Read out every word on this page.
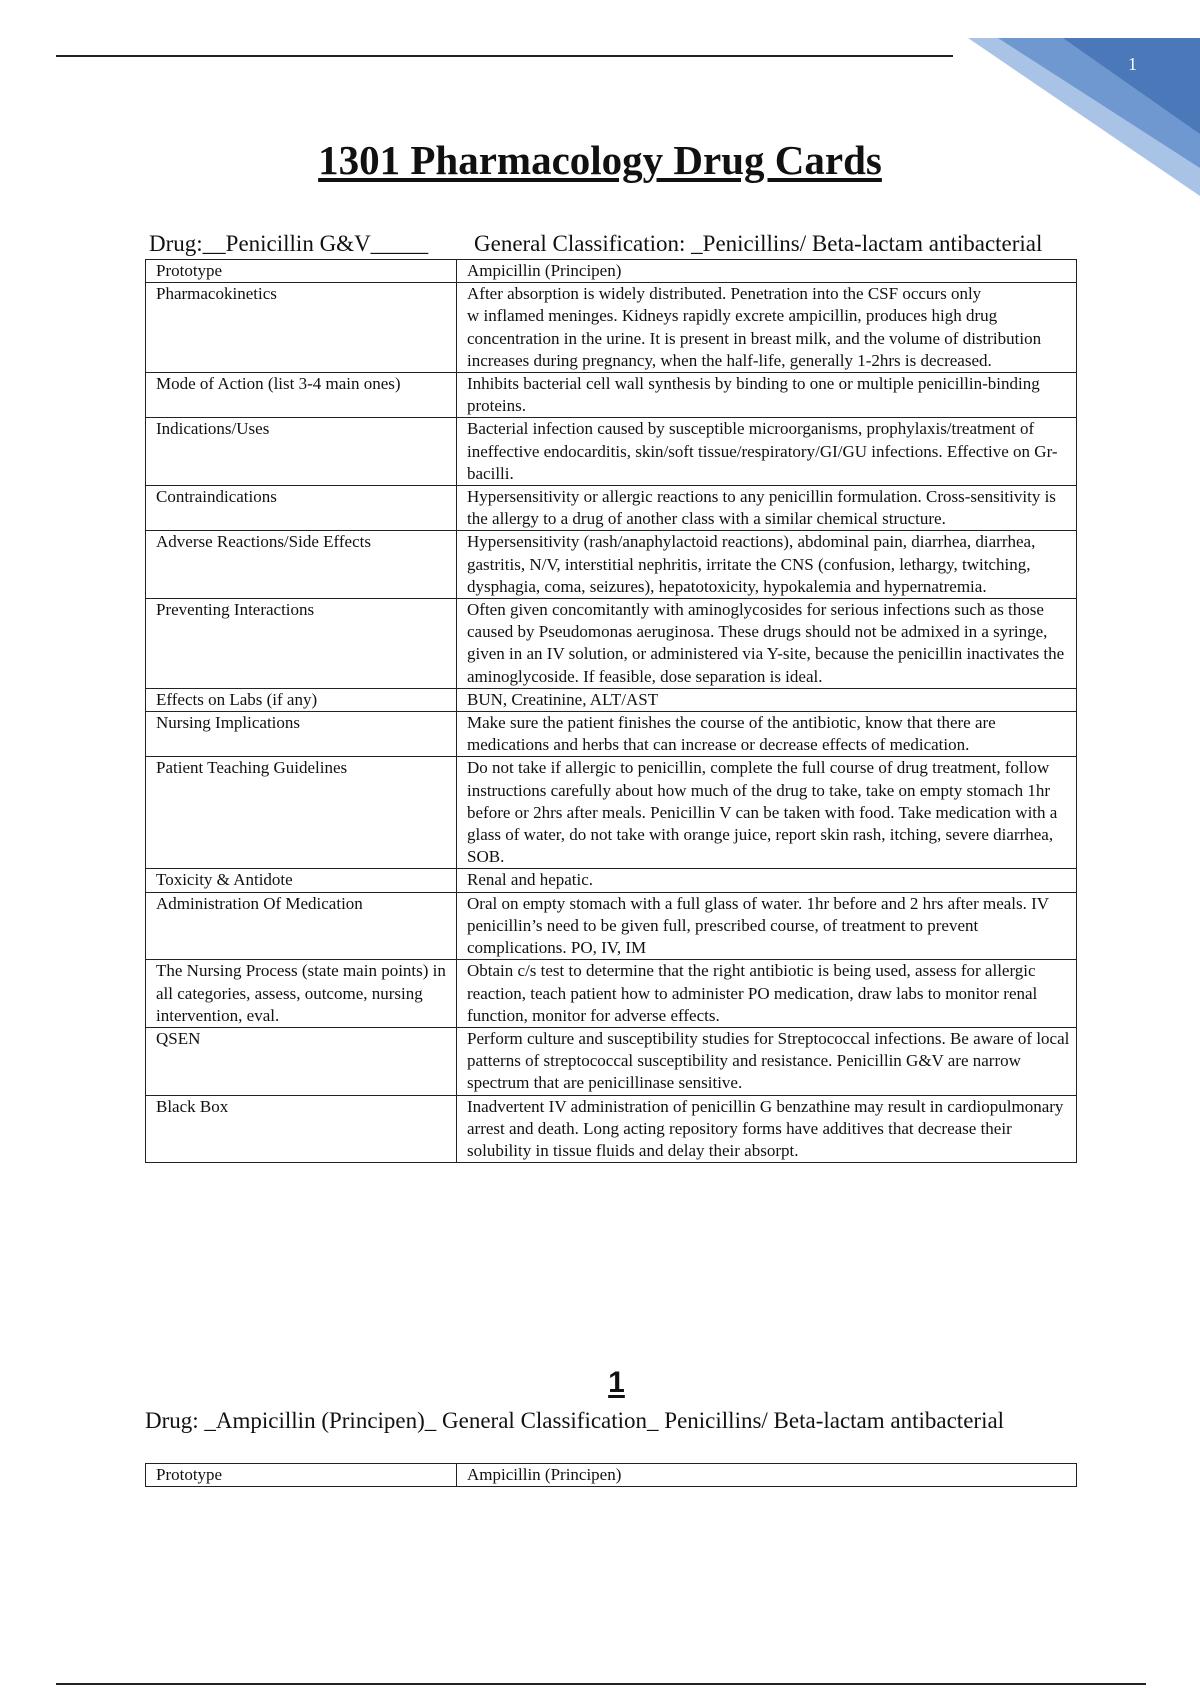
1
1301 Pharmacology Drug Cards
Drug:__Penicillin G&V_____ General Classification: _Penicillins/ Beta-lactam antibacterial
Prototype	Ampicillin (Principen)
Pharmacokinetics	After absorption is widely distributed. Penetration into the CSF occurs only
w inflamed meninges. Kidneys rapidly excrete ampicillin, produces high drug concentration in the urine. It is present in breast milk, and the volume of distribution increases during pregnancy, when the half-life, generally 1-2hrs is decreased.
Mode of Action (list 3-4 main ones)	Inhibits bacterial cell wall synthesis by binding to one or multiple penicillin-binding proteins.
Indications/Uses	Bacterial infection caused by susceptible microorganisms, prophylaxis/treatment of ineffective endocarditis, skin/soft tissue/respiratory/GI/GU infections. Effective on Gr- bacilli.
Contraindications	Hypersensitivity or allergic reactions to any penicillin formulation. Cross-sensitivity is the allergy to a drug of another class with a similar chemical structure.
Adverse Reactions/Side Effects	Hypersensitivity (rash/anaphylactoid reactions), abdominal pain, diarrhea, diarrhea, gastritis, N/V, interstitial nephritis, irritate the CNS (confusion, lethargy, twitching, dysphagia, coma, seizures), hepatotoxicity, hypokalemia and hypernatremia.
Preventing Interactions	Often given concomitantly with aminoglycosides for serious infections such as those caused by Pseudomonas aeruginosa. These drugs should not be admixed in a syringe, given in an IV solution, or administered via Y-site, because the penicillin inactivates the aminoglycoside. If feasible, dose separation is ideal.
Effects on Labs (if any)	BUN, Creatinine, ALT/AST
Nursing Implications	Make sure the patient finishes the course of the antibiotic, know that there are medications and herbs that can increase or decrease effects of medication.
Patient Teaching Guidelines	Do not take if allergic to penicillin, complete the full course of drug treatment, follow instructions carefully about how much of the drug to take, take on empty stomach 1hr before or 2hrs after meals. Penicillin V can be taken with food. Take medication with a glass of water, do not take with orange juice, report skin rash, itching, severe diarrhea, SOB.
Toxicity & Antidote	Renal and hepatic.
Administration Of Medication	Oral on empty stomach with a full glass of water. 1hr before and 2 hrs after meals. IV penicillin’s need to be given full, prescribed course, of treatment to prevent complications. PO, IV, IM
The Nursing Process (state main points) in all categories, assess, outcome, nursing intervention, eval.	Obtain c/s test to determine that the right antibiotic is being used, assess for allergic reaction, teach patient how to administer PO medication, draw labs to monitor renal function, monitor for adverse effects.
QSEN	Perform culture and susceptibility studies for Streptococcal infections. Be aware of local patterns of streptococcal susceptibility and resistance. Penicillin G&V are narrow spectrum that are penicillinase sensitive.
Black Box	Inadvertent IV administration of penicillin G benzathine may result in cardiopulmonary arrest and death. Long acting repository forms have additives that decrease their solubility in tissue fluids and delay their absorpt.
1
Drug: _Ampicillin (Principen)_ General Classification_ Penicillins/ Beta-lactam antibacterial
Prototype	Ampicillin (Principen)
